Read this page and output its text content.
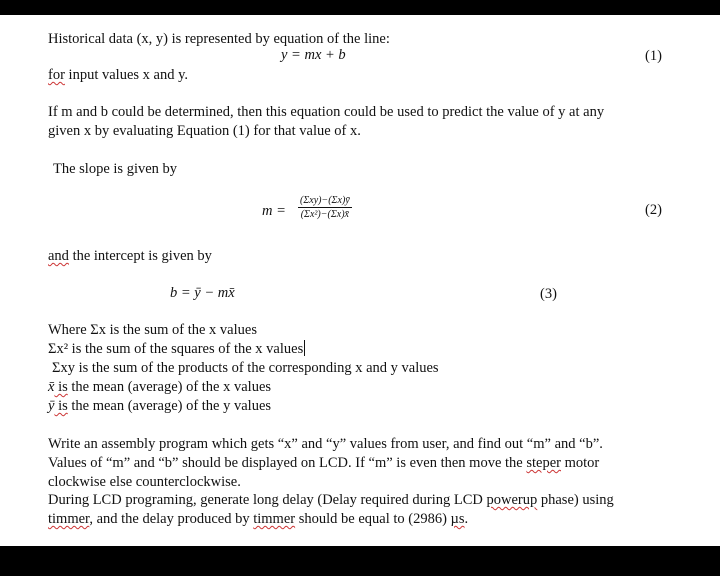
Historical data (x, y) is represented by equation of the line:
y = mx + b	(1)
for input values x and y.
If m and b could be determined, then this equation could be used to predict the value of y at any
given x by evaluating Equation (1) for that value of x.
The slope is given by
m =
(Σxy)−(Σx)ȳ
(Σx²)−(Σx)x̄	(2)
and the intercept is given by
b = ȳ − mx̄	(3)
Where Σx is the sum of the x values
Σx² is the sum of the squares of the x values
Σxy is the sum of the products of the corresponding x and y values
x̄ is the mean (average) of the x values
ȳ is the mean (average) of the y values
Write an assembly program which gets “x” and “y” values from user, and find out “m” and “b”.
Values of “m” and “b” should be displayed on LCD. If “m” is even then move the steper motor
clockwise else counterclockwise.
During LCD programing, generate long delay (Delay required during LCD powerup phase) using
timmer, and the delay produced by timmer should be equal to (2986) µs.
